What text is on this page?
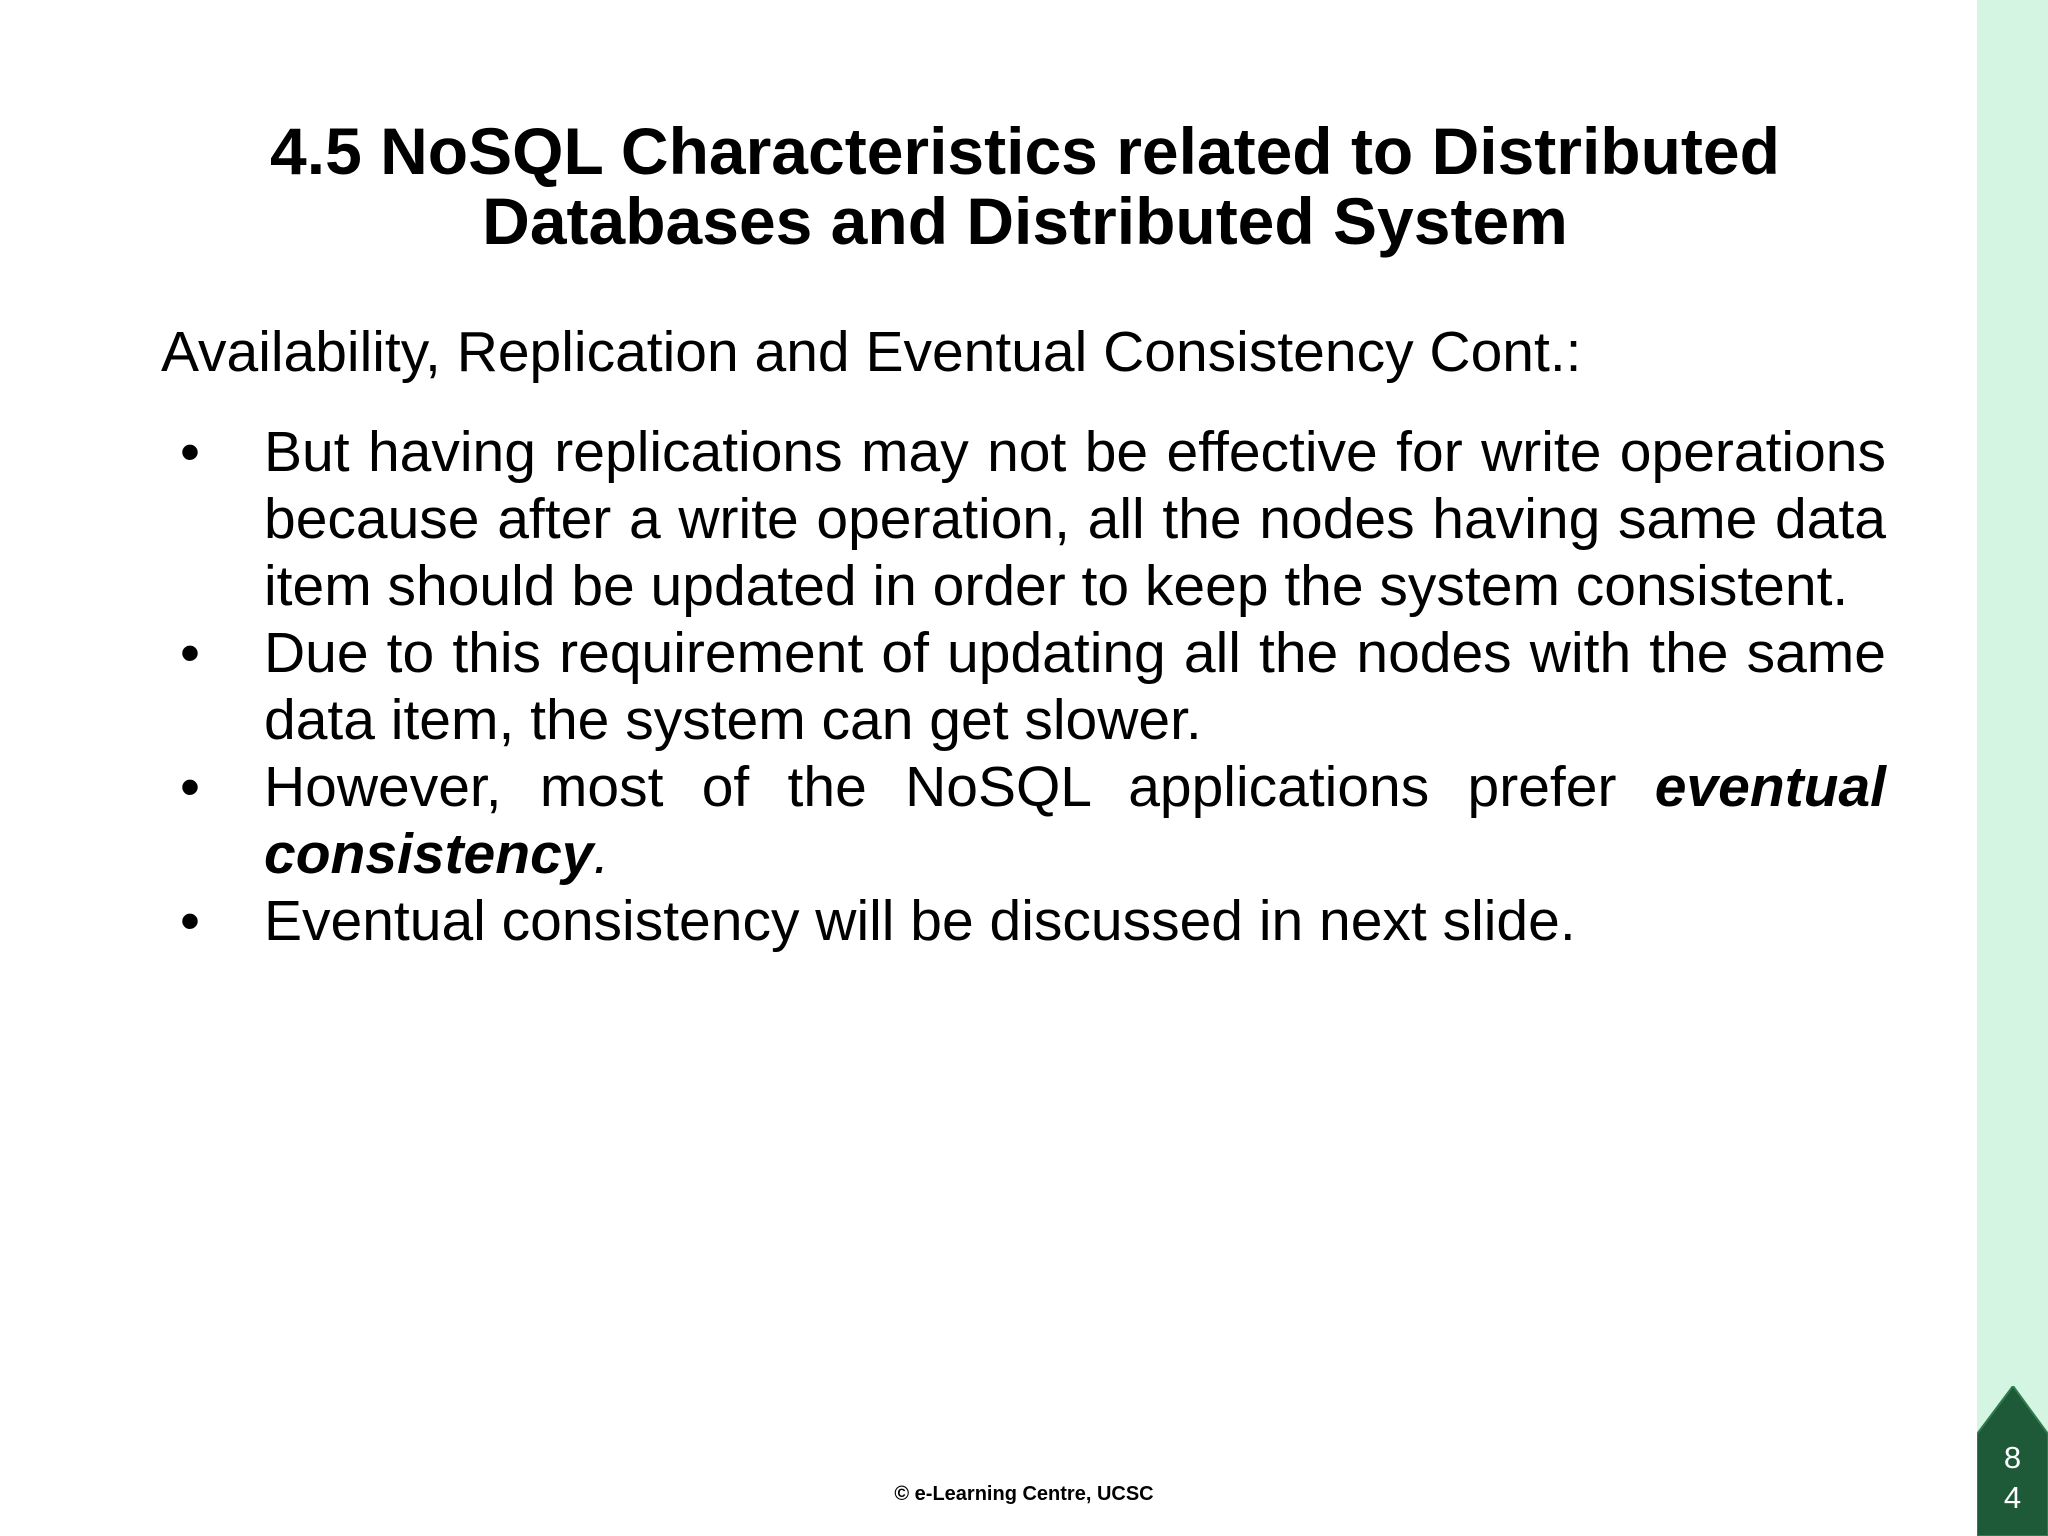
4.5 NoSQL Characteristics related to Distributed
Databases and Distributed System
Availability, Replication and Eventual Consistency Cont.:
• But having replications may not be effective for write operations because after a write operation, all the nodes having same data item should be updated in order to keep the system consistent.
• Due to this requirement of updating all the nodes with the same data item, the system can get slower.
• However, most of the NoSQL applications prefer eventual consistency.
• Eventual consistency will be discussed in next slide.
© e-Learning Centre, UCSC
8
4
